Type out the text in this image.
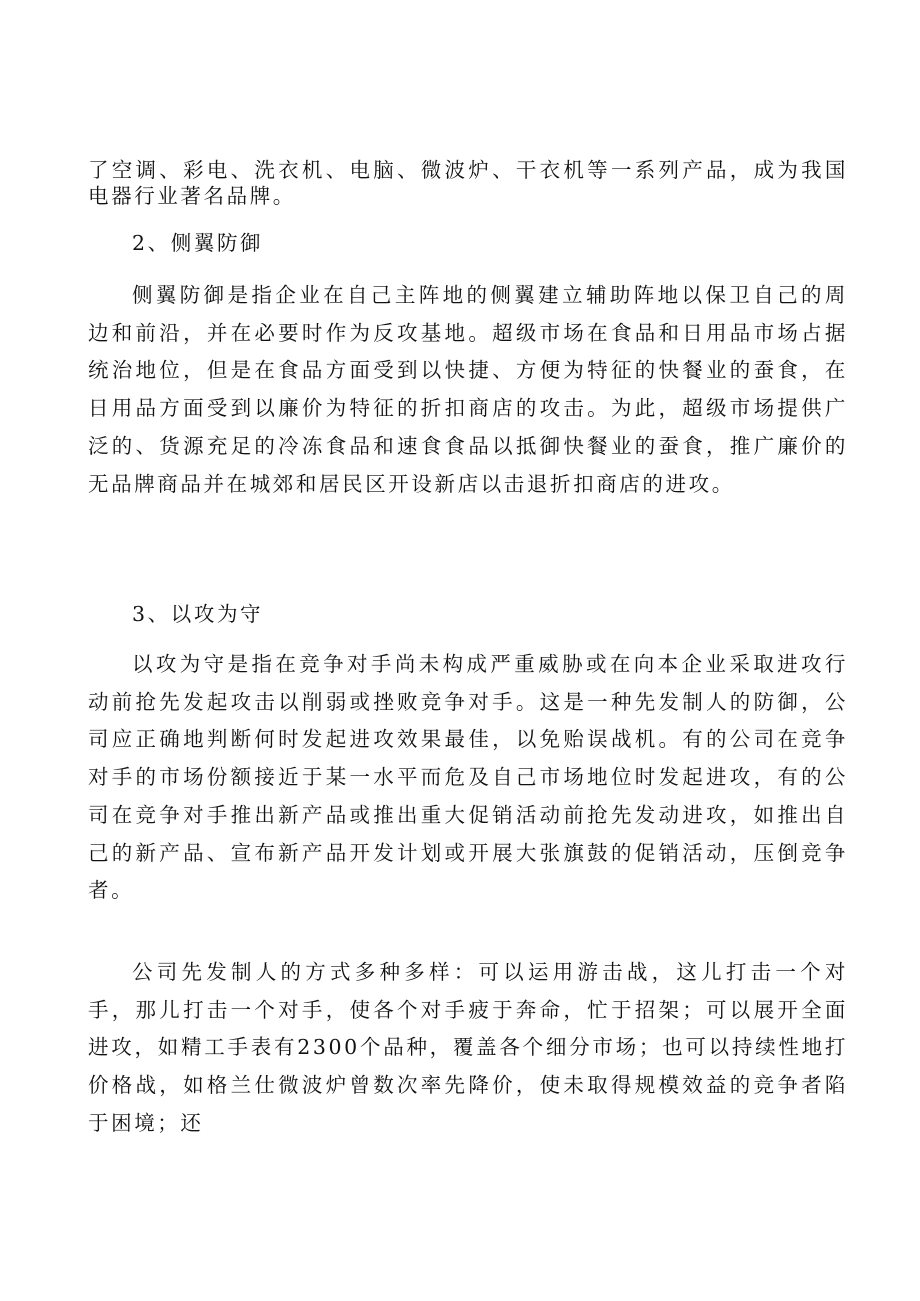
了空调、彩电、洗衣机、电脑、微波炉、干衣机等一系列产品，成为我国电器行业著名品牌。

2、侧翼防御

侧翼防御是指企业在自己主阵地的侧翼建立辅助阵地以保卫自己的周边和前沿，并在必要时作为反攻基地。超级市场在食品和日用品市场占据统治地位，但是在食品方面受到以快捷、方便为特征的快餐业的蚕食，在日用品方面受到以廉价为特征的折扣商店的攻击。为此，超级市场提供广泛的、货源充足的冷冻食品和速食食品以抵御快餐业的蚕食，推广廉价的无品牌商品并在城郊和居民区开设新店以击退折扣商店的进攻。

3、以攻为守

以攻为守是指在竞争对手尚未构成严重威胁或在向本企业采取进攻行动前抢先发起攻击以削弱或挫败竞争对手。这是一种先发制人的防御，公司应正确地判断何时发起进攻效果最佳，以免贻误战机。有的公司在竞争对手的市场份额接近于某一水平而危及自己市场地位时发起进攻，有的公司在竞争对手推出新产品或推出重大促销活动前抢先发动进攻，如推出自己的新产品、宣布新产品开发计划或开展大张旗鼓的促销活动，压倒竞争者。

公司先发制人的方式多种多样：可以运用游击战，这儿打击一个对手，那儿打击一个对手，使各个对手疲于奔命，忙于招架；可以展开全面进攻，如精工手表有2300个品种，覆盖各个细分市场；也可以持续性地打价格战，如格兰仕微波炉曾数次率先降价，使未取得规模效益的竞争者陷于困境；还
